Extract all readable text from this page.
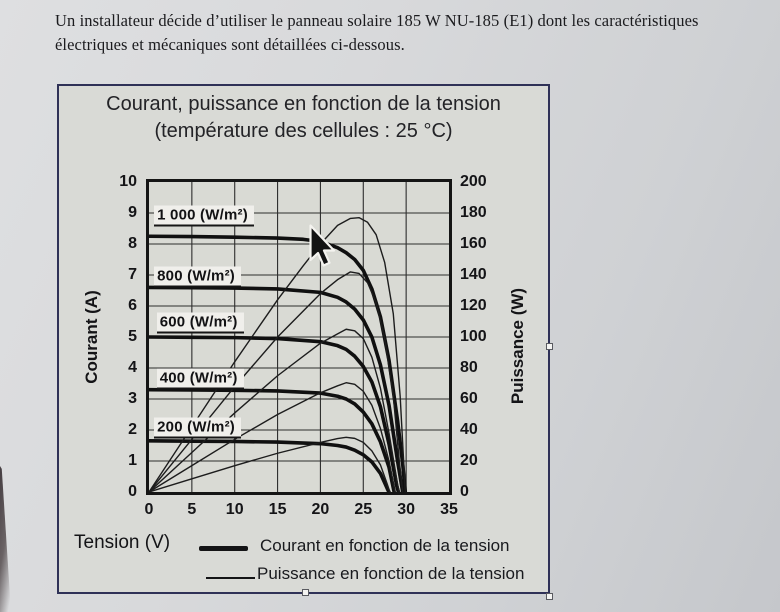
Un installateur décide d’utiliser le panneau solaire 185 W NU-185 (E1) dont les caractéristiques
électriques et mécaniques sont détaillées ci-dessous.
Courant, puissance en fonction de la tension
(température des cellules : 25 °C)
Courant (A)	Puissance (W)
1 000 (W/m²)
800 (W/m²)
600 (W/m²)
400 (W/m²)
200 (W/m²)
Tension (V)	Courant en fonction de la tension
Puissance en fonction de la tension
0 5 10 15 20 25 30 35
0
1
2
3
4
5
6
7
8
9
10
0
20
40
60
80
100
120
140
160
180
200
